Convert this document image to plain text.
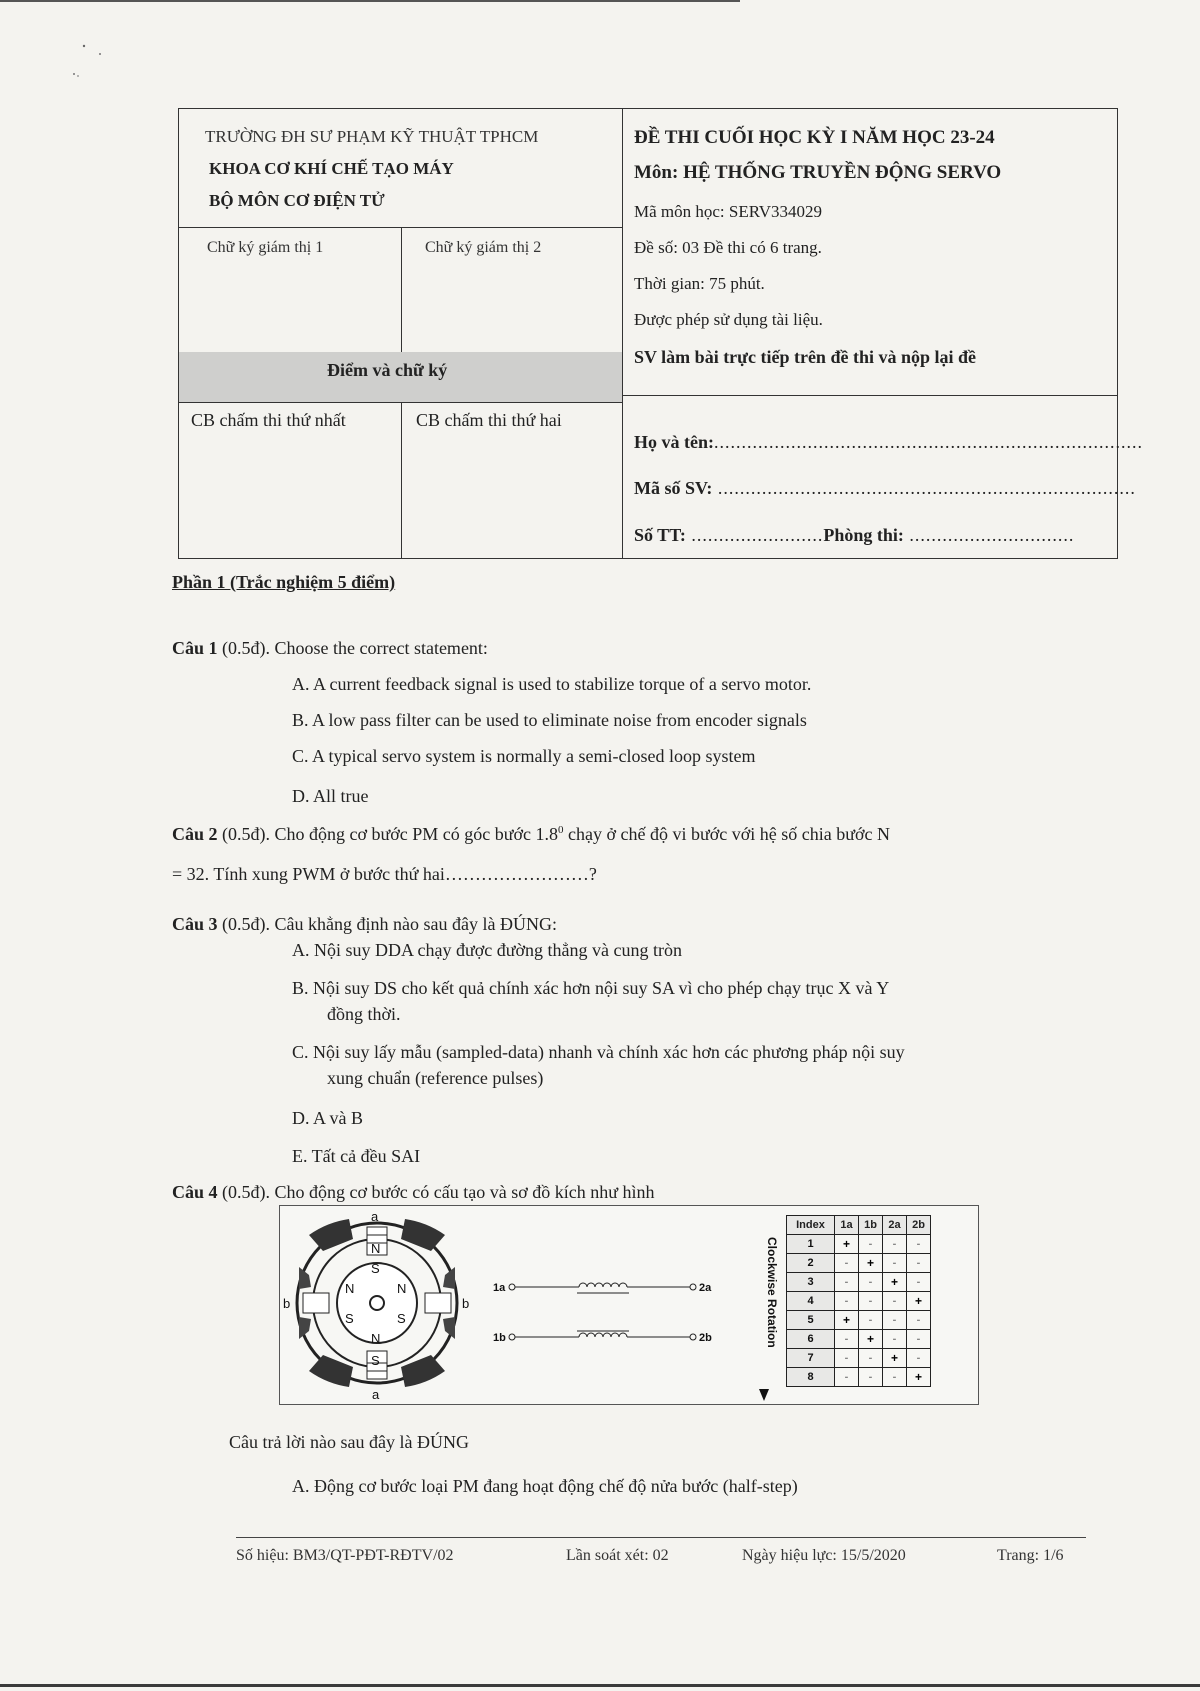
TRƯỜNG ĐH SƯ PHẠM KỸ THUẬT TPHCM
KHOA CƠ KHÍ CHẾ TẠO MÁY
BỘ MÔN CƠ ĐIỆN TỬ
Chữ ký giám thị 1	Chữ ký giám thị 2
Điểm và chữ ký
CB chấm thi thứ nhất	CB chấm thi thứ hai
ĐỀ THI CUỐI HỌC KỲ I NĂM HỌC 23-24
Môn: HỆ THỐNG TRUYỀN ĐỘNG SERVO
Mã môn học: SERV334029
Đề số: 03 Đề thi có 6 trang.
Thời gian: 75 phút.
Được phép sử dụng tài liệu.
SV làm bài trực tiếp trên đề thi và nộp lại đề
Họ và tên:..............................................................................
Mã số SV: ............................................................................
Số TT: ........................Phòng thi: ..............................
Phần 1 (Trắc nghiệm 5 điểm)
Câu 1 (0.5đ). Choose the correct statement:
A. A current feedback signal is used to stabilize torque of a servo motor.
B. A low pass filter can be used to eliminate noise from encoder signals
C. A typical servo system is normally a semi-closed loop system
D. All true
Câu 2 (0.5đ). Cho động cơ bước PM có góc bước $1.8^0$ chạy ở chế độ vi bước với hệ số chia bước N
= 32. Tính xung PWM ở bước thứ hai……………………?
Câu 3 (0.5đ). Câu khẳng định nào sau đây là ĐÚNG:
A. Nội suy DDA chạy được đường thẳng và cung tròn
B. Nội suy DS cho kết quả chính xác hơn nội suy SA vì cho phép chạy trục X và Y
đồng thời.
C. Nội suy lấy mẫu (sampled-data) nhanh và chính xác hơn các phương pháp nội suy
xung chuẩn (reference pulses)
D. A và B
E. Tất cả đều SAI
Câu 4 (0.5đ). Cho động cơ bước có cấu tạo và sơ đồ kích như hình
a
b
a
b
N
S
N
S
N
S
N
S
1a
1b
2a
2b	Clockwise Rotation
Index	1a	1b	2a	2b
1	+	-	-	-
2	-	+	-	-
3	-	-	+	-
4	-	-	-	+
5	+	-	-	-
6	-	+	-	-
7	-	-	+	-
8	-	-	-	+
Câu trả lời nào sau đây là ĐÚNG
A. Động cơ bước loại PM đang hoạt động chế độ nửa bước (half-step)
Số hiệu: BM3/QT-PĐT-RĐTV/02	Lần soát xét: 02	Ngày hiệu lực: 15/5/2020	Trang: 1/6
